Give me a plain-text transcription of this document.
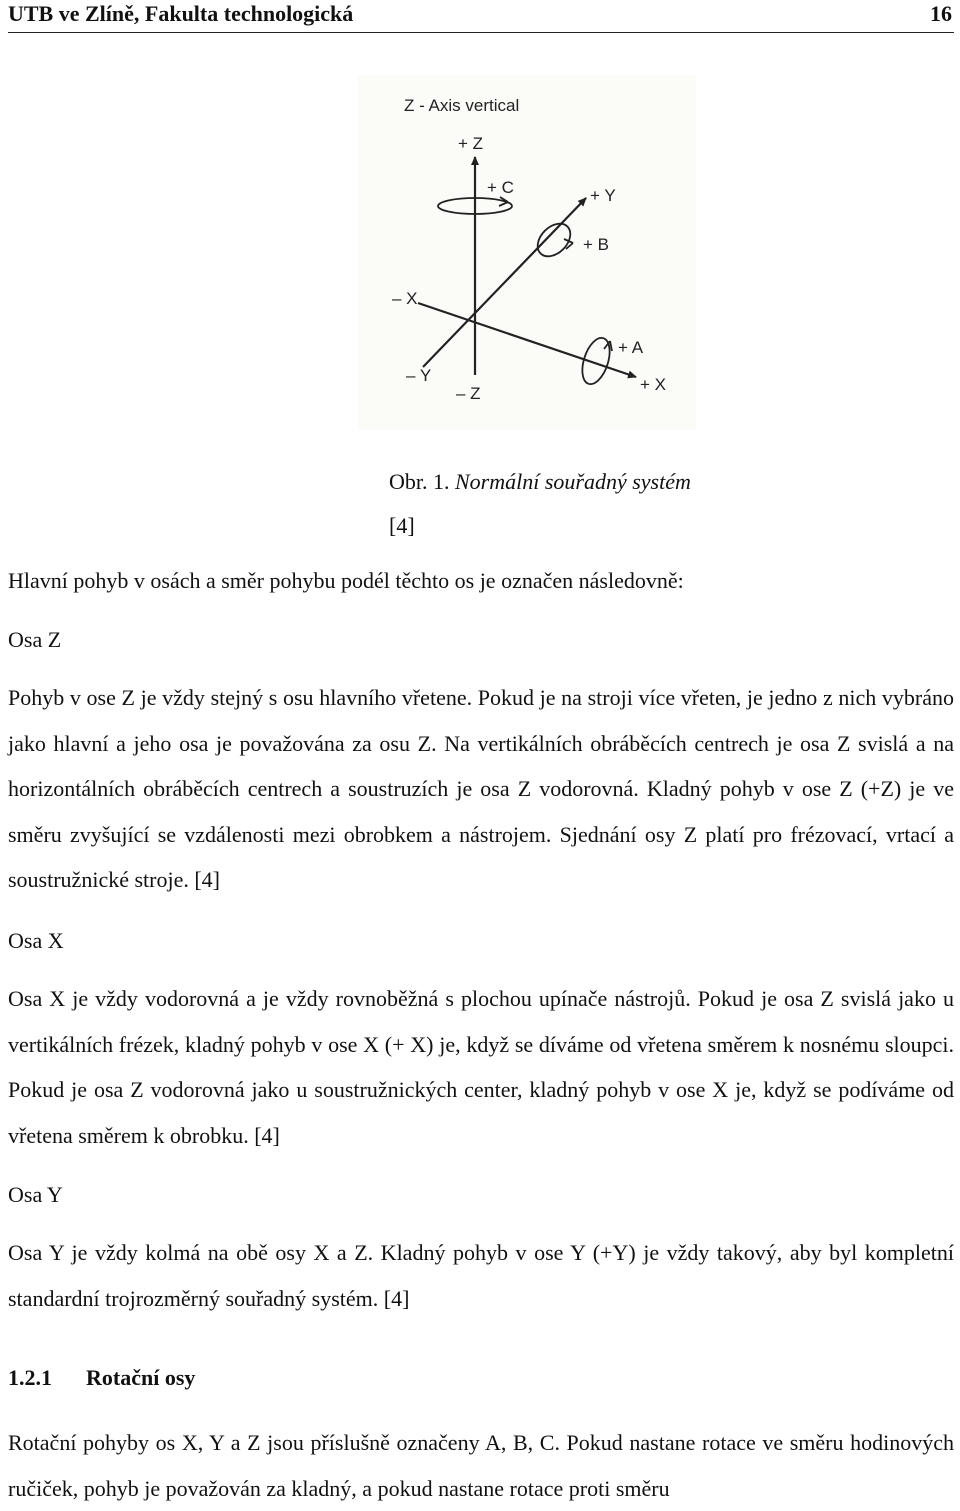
UTB ve Zlíně, Fakulta technologická	16
Z - Axis vertical
+ Z
– Z
+ C	+ Y
– Y
+ B
+ X
– X
+ A
Obr. 1. Normální souřadný systém [4]
Hlavní pohyb v osách a směr pohybu podél těchto os je označen následovně:
Osa Z
Pohyb v ose Z je vždy stejný s osu hlavního vřetene. Pokud je na stroji více vřeten, je jedno z nich vybráno jako hlavní a jeho osa je považována za osu Z. Na vertikálních obráběcích centrech je osa Z svislá a na horizontálních obráběcích centrech a soustruzích je osa Z vodorovná. Kladný pohyb v ose Z (+Z) je ve směru zvyšující se vzdálenosti mezi obrobkem a nástrojem. Sjednání osy Z platí pro frézovací, vrtací a soustružnické stroje. [4]
Osa X
Osa X je vždy vodorovná a je vždy rovnoběžná s plochou upínače nástrojů. Pokud je osa Z svislá jako u vertikálních frézek, kladný pohyb v ose X (+ X) je, když se díváme od vřetena směrem k nosnému sloupci. Pokud je osa Z vodorovná jako u soustružnických center, kladný pohyb v ose X je, když se podíváme od vřetena směrem k obrobku. [4]
Osa Y
Osa Y je vždy kolmá na obě osy X a Z. Kladný pohyb v ose Y (+Y) je vždy takový, aby byl kompletní standardní trojrozměrný souřadný systém. [4]
1.2.1 Rotační osy
Rotační pohyby os X, Y a Z jsou příslušně označeny A, B, C. Pokud nastane rotace ve směru hodinových ručiček, pohyb je považován za kladný, a pokud nastane rotace proti směru
